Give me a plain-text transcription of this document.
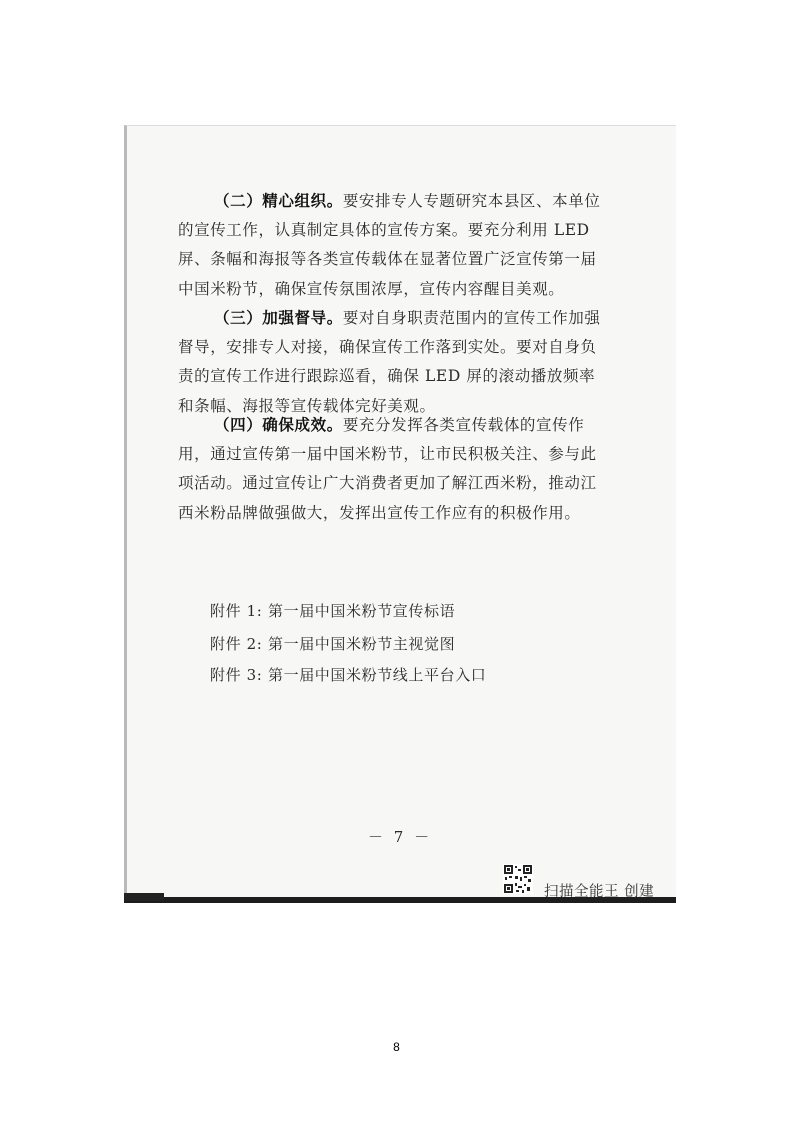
（二）精心组织。要安排专人专题研究本县区、本单位的宣传工作，认真制定具体的宣传方案。要充分利用 LED 屏、条幅和海报等各类宣传载体在显著位置广泛宣传第一届中国米粉节，确保宣传氛围浓厚，宣传内容醒目美观。

（三）加强督导。要对自身职责范围内的宣传工作加强督导，安排专人对接，确保宣传工作落到实处。要对自身负责的宣传工作进行跟踪巡看，确保 LED 屏的滚动播放频率和条幅、海报等宣传载体完好美观。

（四）确保成效。要充分发挥各类宣传载体的宣传作用，通过宣传第一届中国米粉节，让市民积极关注、参与此项活动。通过宣传让广大消费者更加了解江西米粉，推动江西米粉品牌做强做大，发挥出宣传工作应有的积极作用。

附件 1: 第一届中国米粉节宣传标语

附件 2: 第一届中国米粉节主视觉图

附件 3: 第一届中国米粉节线上平台入口

－ 7 －
扫描全能王 创建
8
